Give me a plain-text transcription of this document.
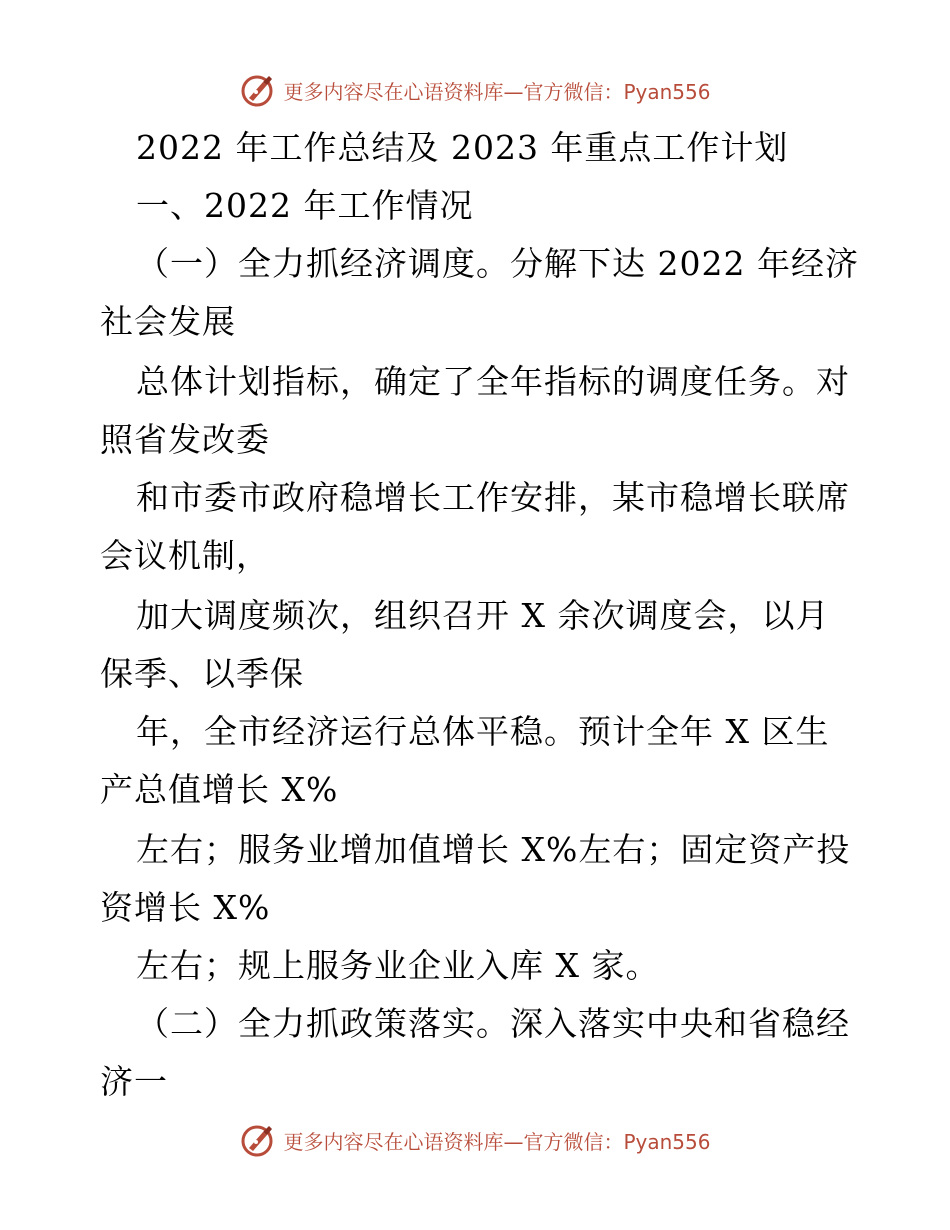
更多内容尽在心语资料库—官方微信：Pyan556
2022 年工作总结及 2023 年重点工作计划
一、2022 年工作情况
（一）全力抓经济调度。分解下达 2022 年经济
社会发展
总体计划指标，确定了全年指标的调度任务。对
照省发改委
和市委市政府稳增长工作安排，某市稳增长联席
会议机制，
加大调度频次，组织召开 X 余次调度会，以月
保季、以季保
年，全市经济运行总体平稳。预计全年 X 区生
产总值增长 X%
左右；服务业增加值增长 X%左右；固定资产投
资增长 X%
左右；规上服务业企业入库 X 家。
（二）全力抓政策落实。深入落实中央和省稳经
济一
更多内容尽在心语资料库—官方微信：Pyan556
